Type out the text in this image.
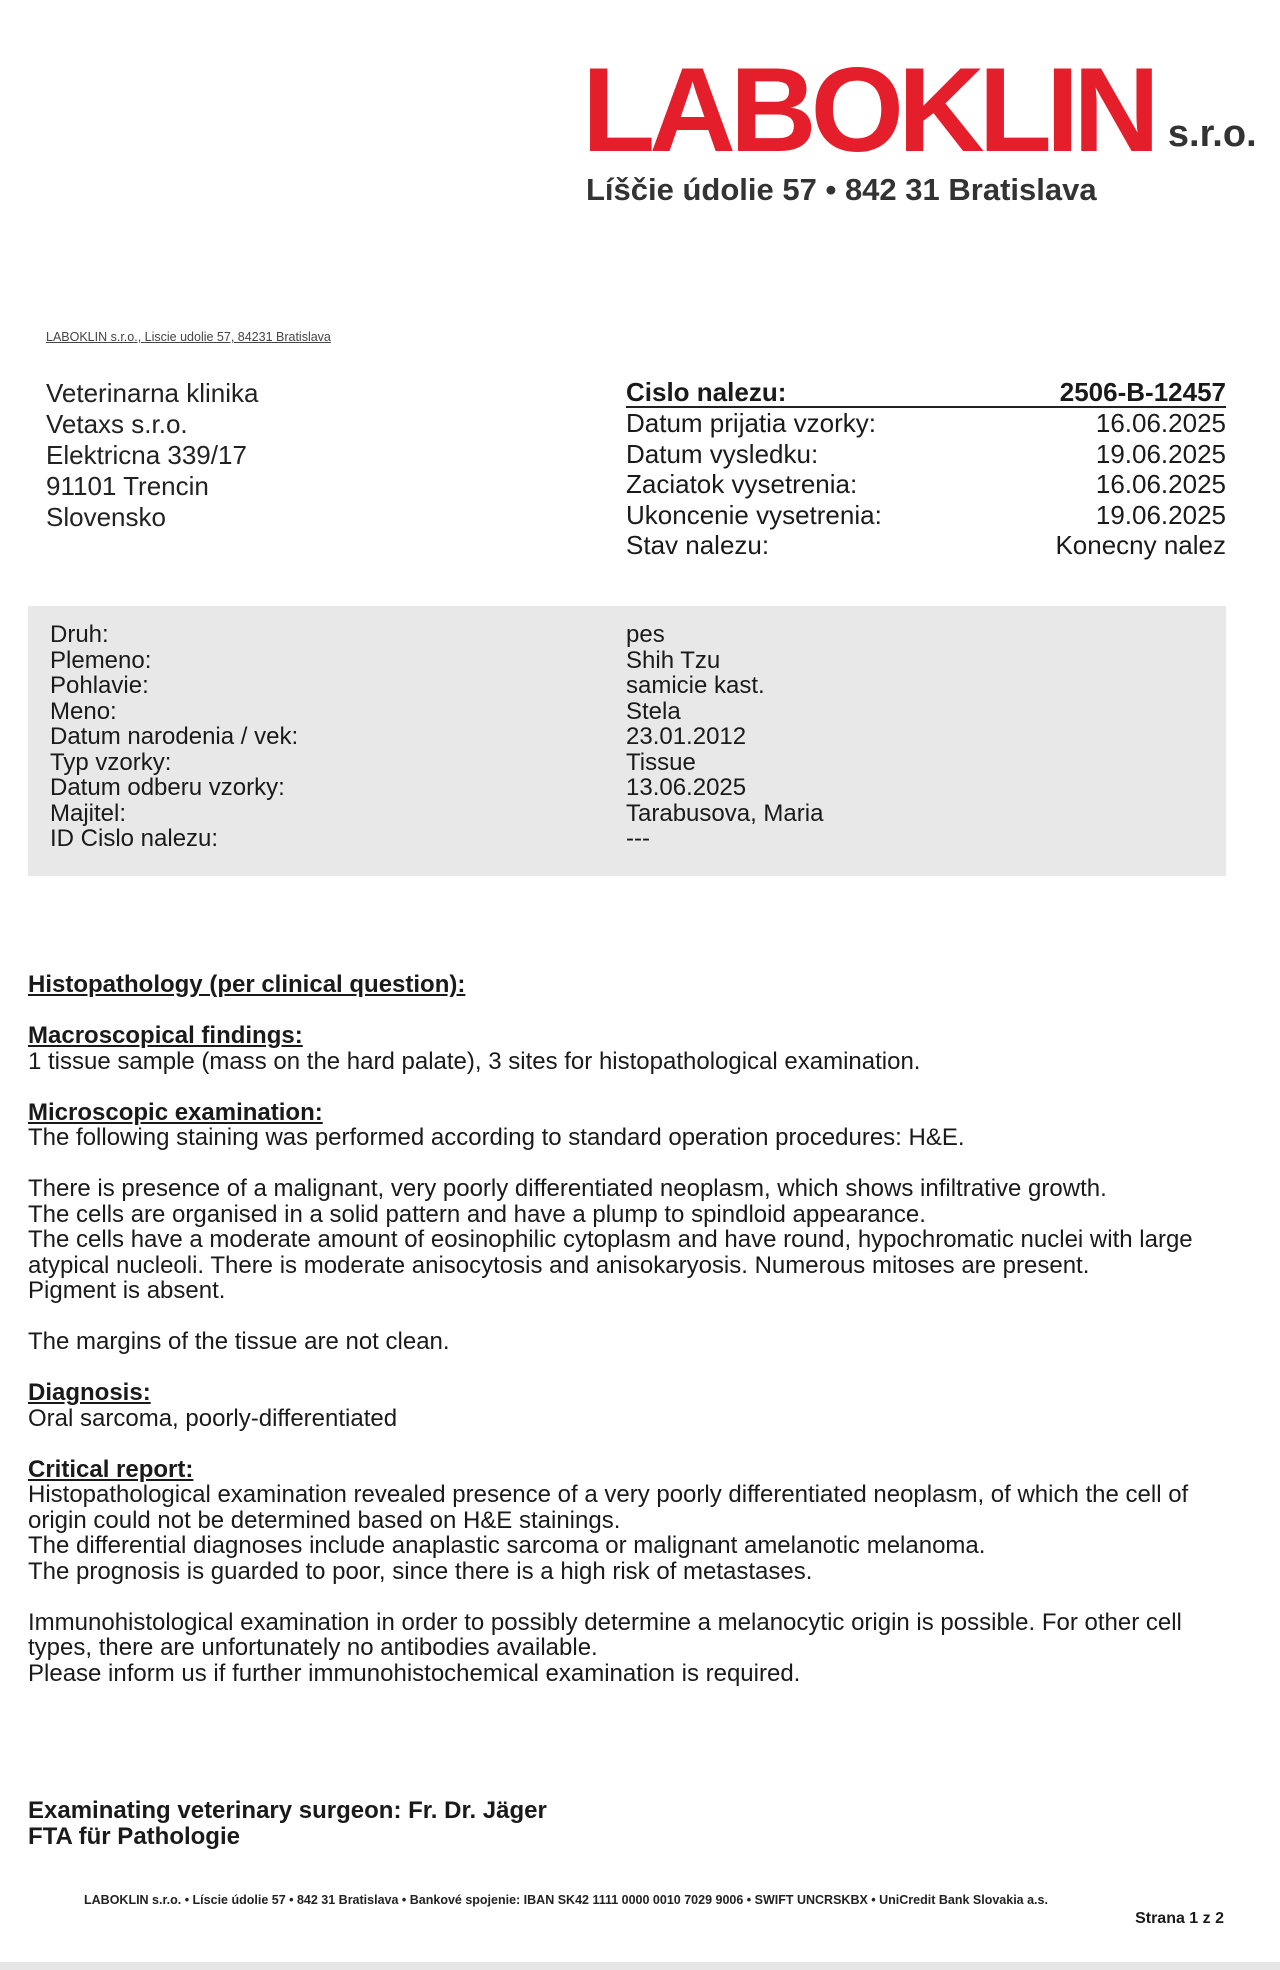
LABOKLIN s.r.o.
Líščie údolie 57 • 842 31 Bratislava
LABOKLIN s.r.o., Liscie udolie 57, 84231 Bratislava
Veterinarna klinika
Vetaxs s.r.o.
Elektricna 339/17
91101 Trencin
Slovensko
Cislo nalezu:	2506-B-12457
Datum prijatia vzorky:	16.06.2025
Datum vysledku:	19.06.2025
Zaciatok vysetrenia:	16.06.2025
Ukoncenie vysetrenia:	19.06.2025
Stav nalezu:	Konecny nalez
Druh:	pes
Plemeno:	Shih Tzu
Pohlavie:	samicie kast.
Meno:	Stela
Datum narodenia / vek:	23.01.2012
Typ vzorky:	Tissue
Datum odberu vzorky:	13.06.2025
Majitel:	Tarabusova, Maria
ID Cislo nalezu:	---

Histopathology (per clinical question):

Macroscopical findings:

1 tissue sample (mass on the hard palate), 3 sites for histopathological examination.

Microscopic examination:

The following staining was performed according to standard operation procedures: H&E.

There is presence of a malignant, very poorly differentiated neoplasm, which shows infiltrative growth.

The cells are organised in a solid pattern and have a plump to spindloid appearance.

The cells have a moderate amount of eosinophilic cytoplasm and have round, hypochromatic nuclei with large

atypical nucleoli. There is moderate anisocytosis and anisokaryosis. Numerous mitoses are present.

Pigment is absent.

The margins of the tissue are not clean.

Diagnosis:

Oral sarcoma, poorly-differentiated

Critical report:

Histopathological examination revealed presence of a very poorly differentiated neoplasm, of which the cell of

origin could not be determined based on H&E stainings.

The differential diagnoses include anaplastic sarcoma or malignant amelanotic melanoma.

The prognosis is guarded to poor, since there is a high risk of metastases.

Immunohistological examination in order to possibly determine a melanocytic origin is possible. For other cell

types, there are unfortunately no antibodies available.

Please inform us if further immunohistochemical examination is required.

Examinating veterinary surgeon: Fr. Dr. Jäger
FTA für Pathologie
LABOKLIN s.r.o. • Líscie údolie 57 • 842 31 Bratislava • Bankové spojenie: IBAN SK42 1111 0000 0010 7029 9006 • SWIFT UNCRSKBX • UniCredit Bank Slovakia a.s.
Strana 1 z 2
